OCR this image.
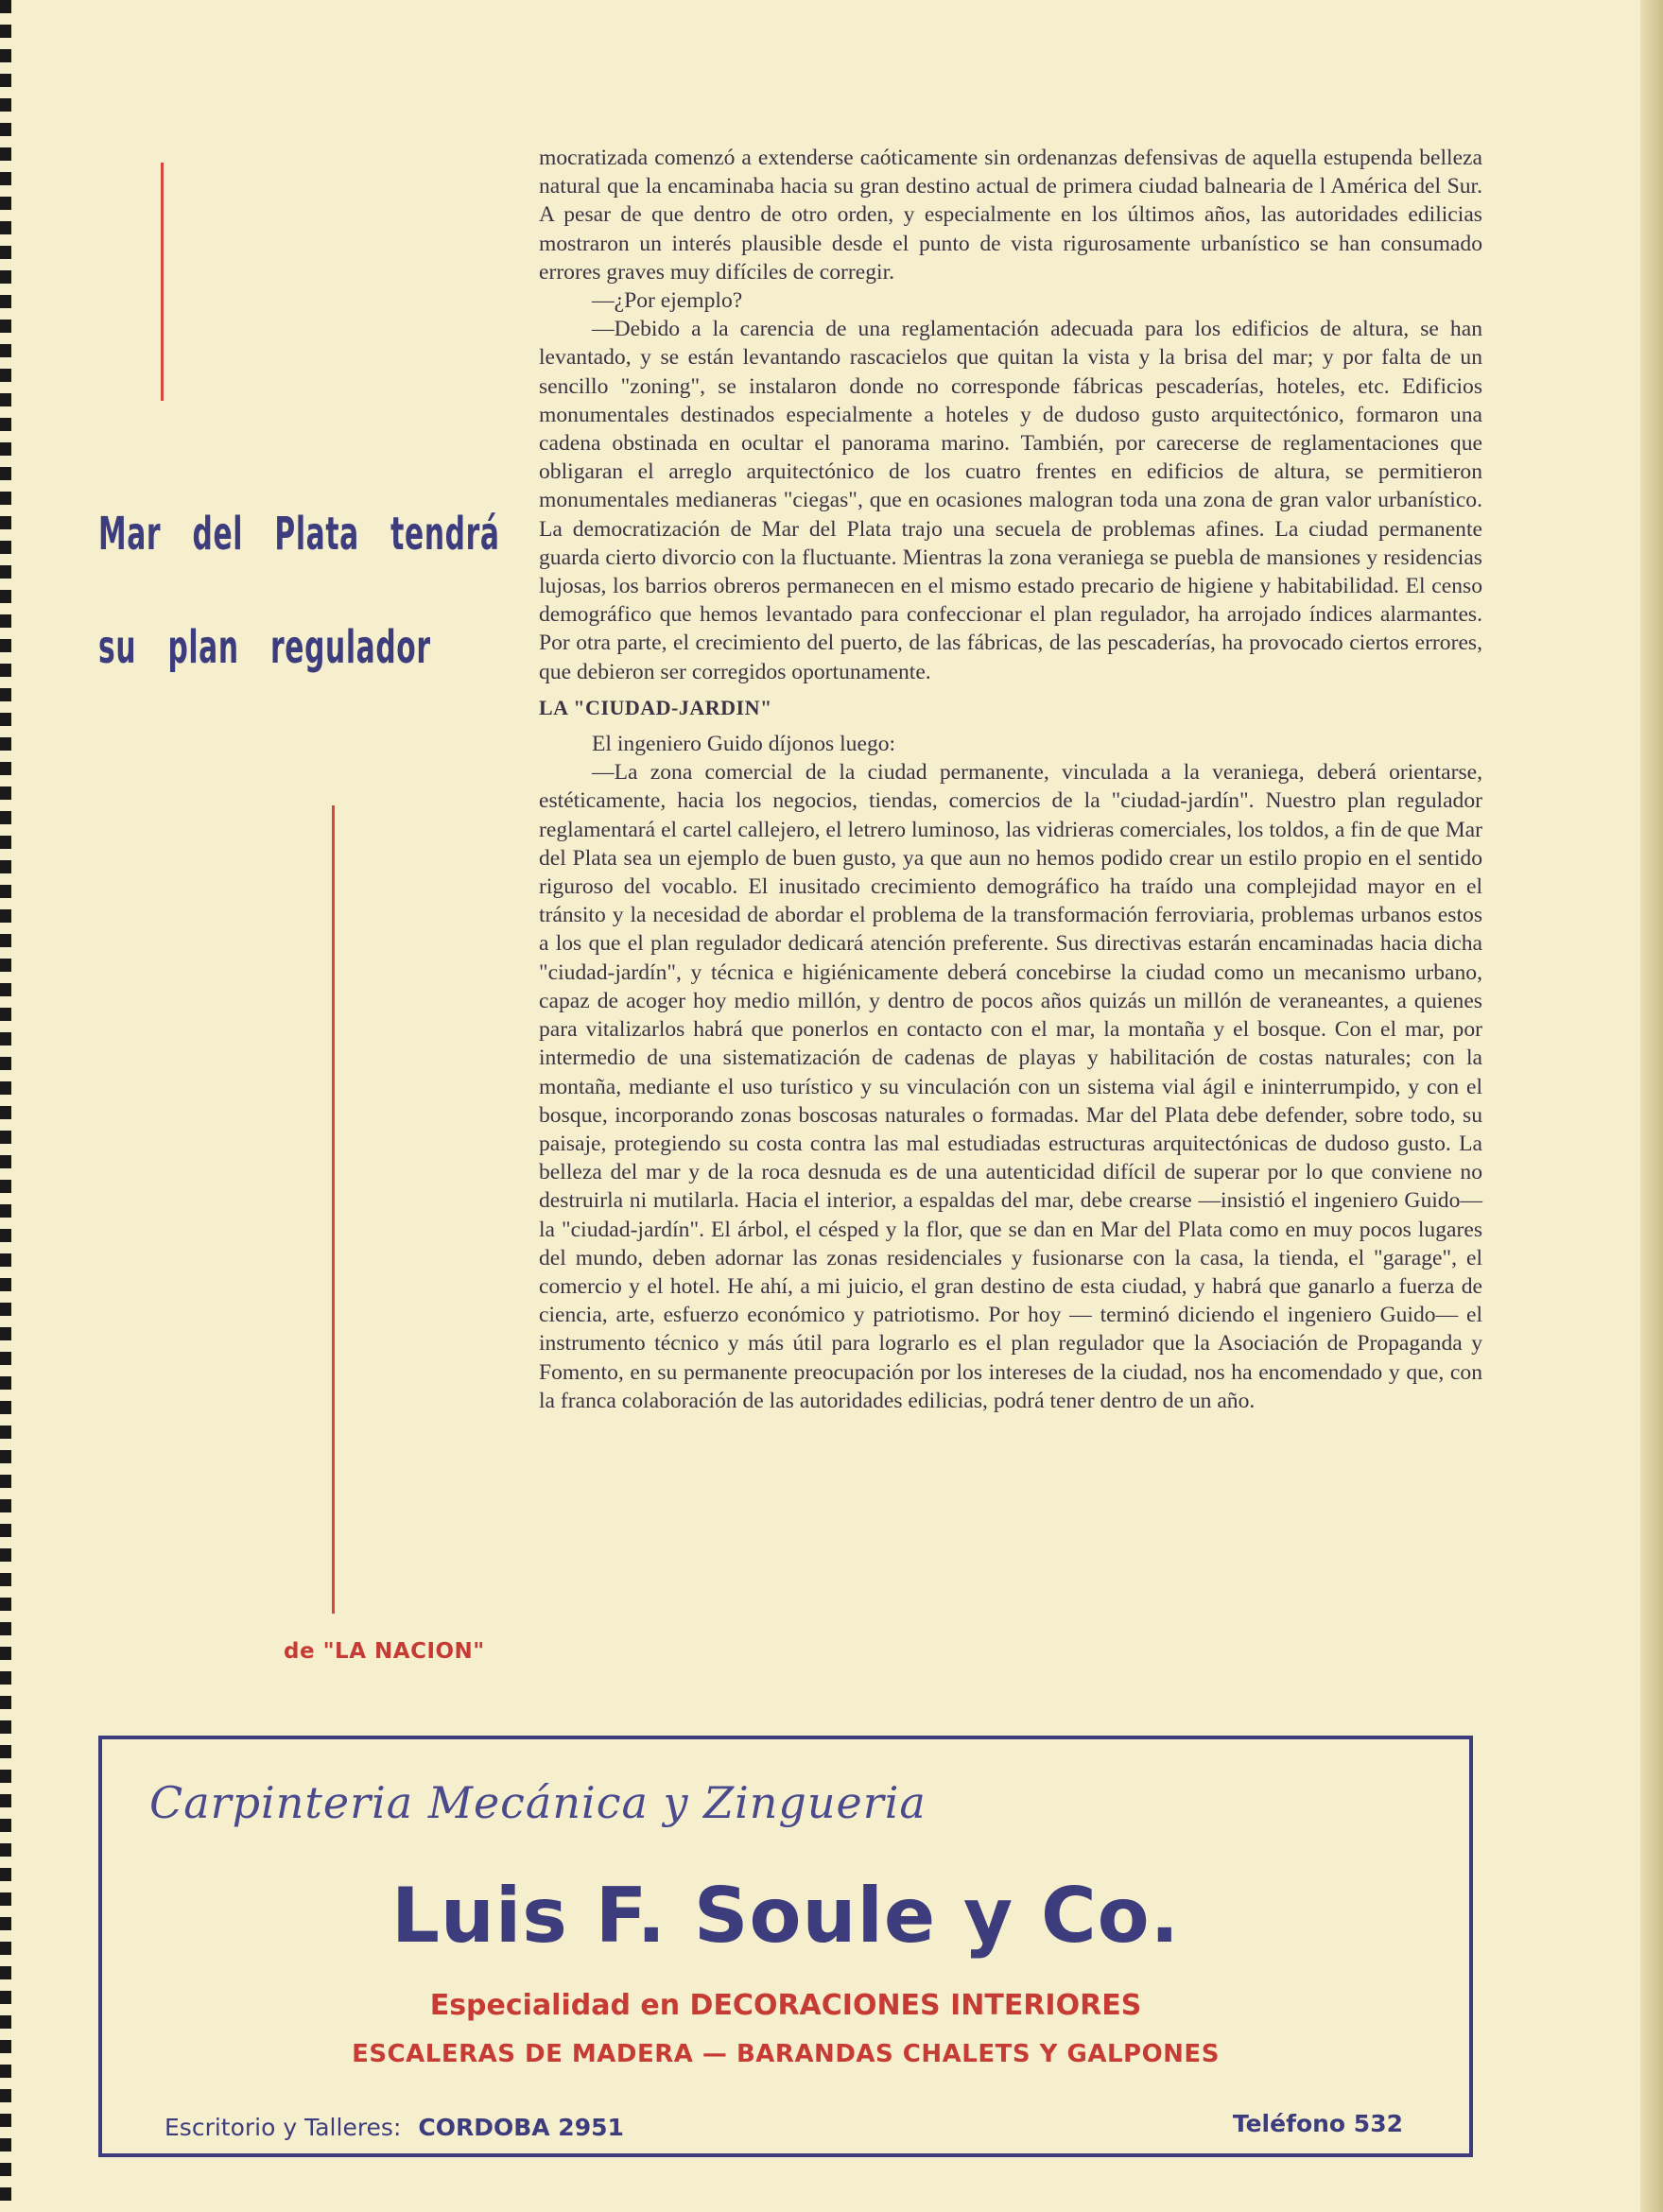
Mar del Plata tendrá
su plan regulador
de "LA NACION"

mocratizada comenzó a extenderse caóticamente sin ordenanzas defensivas de aquella estupenda belleza natural que la encaminaba hacia su gran destino actual de primera ciudad balnearia de l América del Sur. A pesar de que dentro de otro orden, y especialmente en los últimos años, las autoridades edilicias mostraron un interés plausible desde el punto de vista rigurosamente urbanístico se han consumado errores graves muy difíciles de corregir.

—¿Por ejemplo?

—Debido a la carencia de una reglamentación adecuada para los edificios de altura, se han levantado, y se están levantando rascacielos que quitan la vista y la brisa del mar; y por falta de un sencillo "zoning", se instalaron donde no corresponde fábricas pescaderías, hoteles, etc. Edificios monumentales destinados especialmente a hoteles y de dudoso gusto arquitectónico, formaron una cadena obstinada en ocultar el panorama marino. También, por carecerse de reglamentaciones que obligaran el arreglo arquitectónico de los cuatro frentes en edificios de altura, se permitieron monumentales medianeras "ciegas", que en ocasiones malogran toda una zona de gran valor urbanístico. La democratización de Mar del Plata trajo una secuela de problemas afines. La ciudad permanente guarda cierto divorcio con la fluctuante. Mientras la zona veraniega se puebla de mansiones y residencias lujosas, los barrios obreros permanecen en el mismo estado precario de higiene y habitabilidad. El censo demográfico que hemos levantado para confeccionar el plan regulador, ha arrojado índices alarmantes. Por otra parte, el crecimiento del puerto, de las fábricas, de las pescaderías, ha provocado ciertos errores, que debieron ser corregidos oportunamente.

LA "CIUDAD-JARDIN"

El ingeniero Guido díjonos luego:

—La zona comercial de la ciudad permanente, vinculada a la veraniega, deberá orientarse, estéticamente, hacia los negocios, tiendas, comercios de la "ciudad-jardín". Nuestro plan regulador reglamentará el cartel callejero, el letrero luminoso, las vidrieras comerciales, los toldos, a fin de que Mar del Plata sea un ejemplo de buen gusto, ya que aun no hemos podido crear un estilo propio en el sentido riguroso del vocablo. El inusitado crecimiento demográfico ha traído una complejidad mayor en el tránsito y la necesidad de abordar el problema de la transformación ferroviaria, problemas urbanos estos a los que el plan regulador dedicará atención preferente. Sus directivas estarán encaminadas hacia dicha "ciudad-jardín", y técnica e higiénicamente deberá concebirse la ciudad como un mecanismo urbano, capaz de acoger hoy medio millón, y dentro de pocos años quizás un millón de veraneantes, a quienes para vitalizarlos habrá que ponerlos en contacto con el mar, la montaña y el bosque. Con el mar, por intermedio de una sistematización de cadenas de playas y habilitación de costas naturales; con la montaña, mediante el uso turístico y su vinculación con un sistema vial ágil e ininterrumpido, y con el bosque, incorporando zonas boscosas naturales o formadas. Mar del Plata debe defender, sobre todo, su paisaje, protegiendo su costa contra las mal estudiadas estructuras arquitectónicas de dudoso gusto. La belleza del mar y de la roca desnuda es de una autenticidad difícil de superar por lo que conviene no destruirla ni mutilarla. Hacia el interior, a espaldas del mar, debe crearse —insistió el ingeniero Guido— la "ciudad-jardín". El árbol, el césped y la flor, que se dan en Mar del Plata como en muy pocos lugares del mundo, deben adornar las zonas residenciales y fusionarse con la casa, la tienda, el "garage", el comercio y el hotel. He ahí, a mi juicio, el gran destino de esta ciudad, y habrá que ganarlo a fuerza de ciencia, arte, esfuerzo económico y patriotismo. Por hoy — terminó diciendo el ingeniero Guido— el instrumento técnico y más útil para lograrlo es el plan regulador que la Asociación de Propaganda y Fomento, en su permanente preocupación por los intereses de la ciudad, nos ha encomendado y que, con la franca colaboración de las autoridades edilicias, podrá tener dentro de un año.

Carpinteria Mecánica y Zingueria
Luis F. Soule y Co.
Especialidad en DECORACIONES INTERIORES
ESCALERAS DE MADERA — BARANDAS CHALETS Y GALPONES
Escritorio y Talleres: CORDOBA 2951	Teléfono 532
